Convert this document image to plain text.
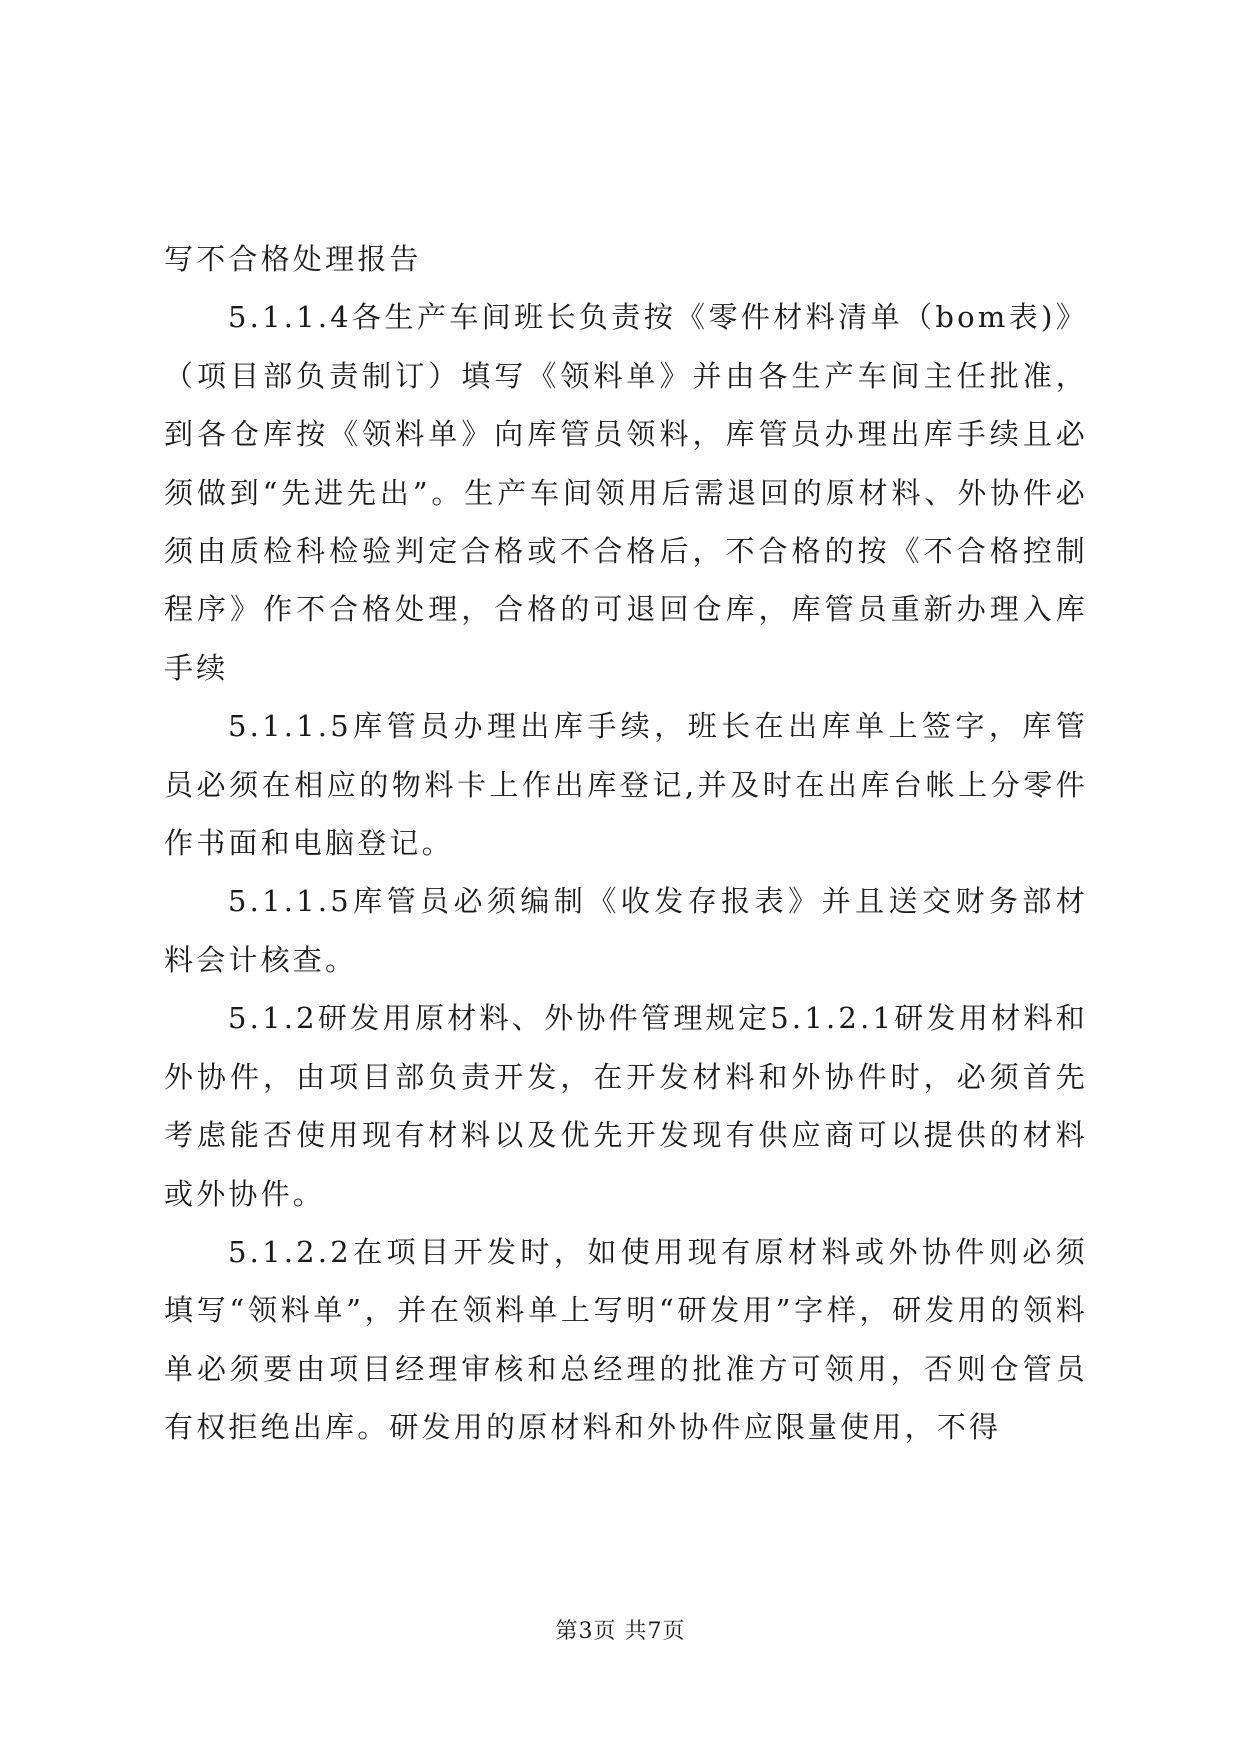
写不合格处理报告

5.1.1.4各生产车间班长负责按《零件材料清单（bom表)》（项目部负责制订）填写《领料单》并由各生产车间主任批准，到各仓库按《领料单》向库管员领料，库管员办理出库手续且必须做到“先进先出”。生产车间领用后需退回的原材料、外协件必须由质检科检验判定合格或不合格后，不合格的按《不合格控制程序》作不合格处理，合格的可退回仓库，库管员重新办理入库手续

5.1.1.5库管员办理出库手续，班长在出库单上签字，库管员必须在相应的物料卡上作出库登记,并及时在出库台帐上分零件作书面和电脑登记。

5.1.1.5库管员必须编制《收发存报表》并且送交财务部材料会计核查。

5.1.2研发用原材料、外协件管理规定5.1.2.1研发用材料和外协件，由项目部负责开发，在开发材料和外协件时，必须首先考虑能否使用现有材料以及优先开发现有供应商可以提供的材料或外协件。

5.1.2.2在项目开发时，如使用现有原材料或外协件则必须填写“领料单”，并在领料单上写明“研发用”字样，研发用的领料单必须要由项目经理审核和总经理的批准方可领用，否则仓管员有权拒绝出库。研发用的原材料和外协件应限量使用，不得

第3页 共7页
